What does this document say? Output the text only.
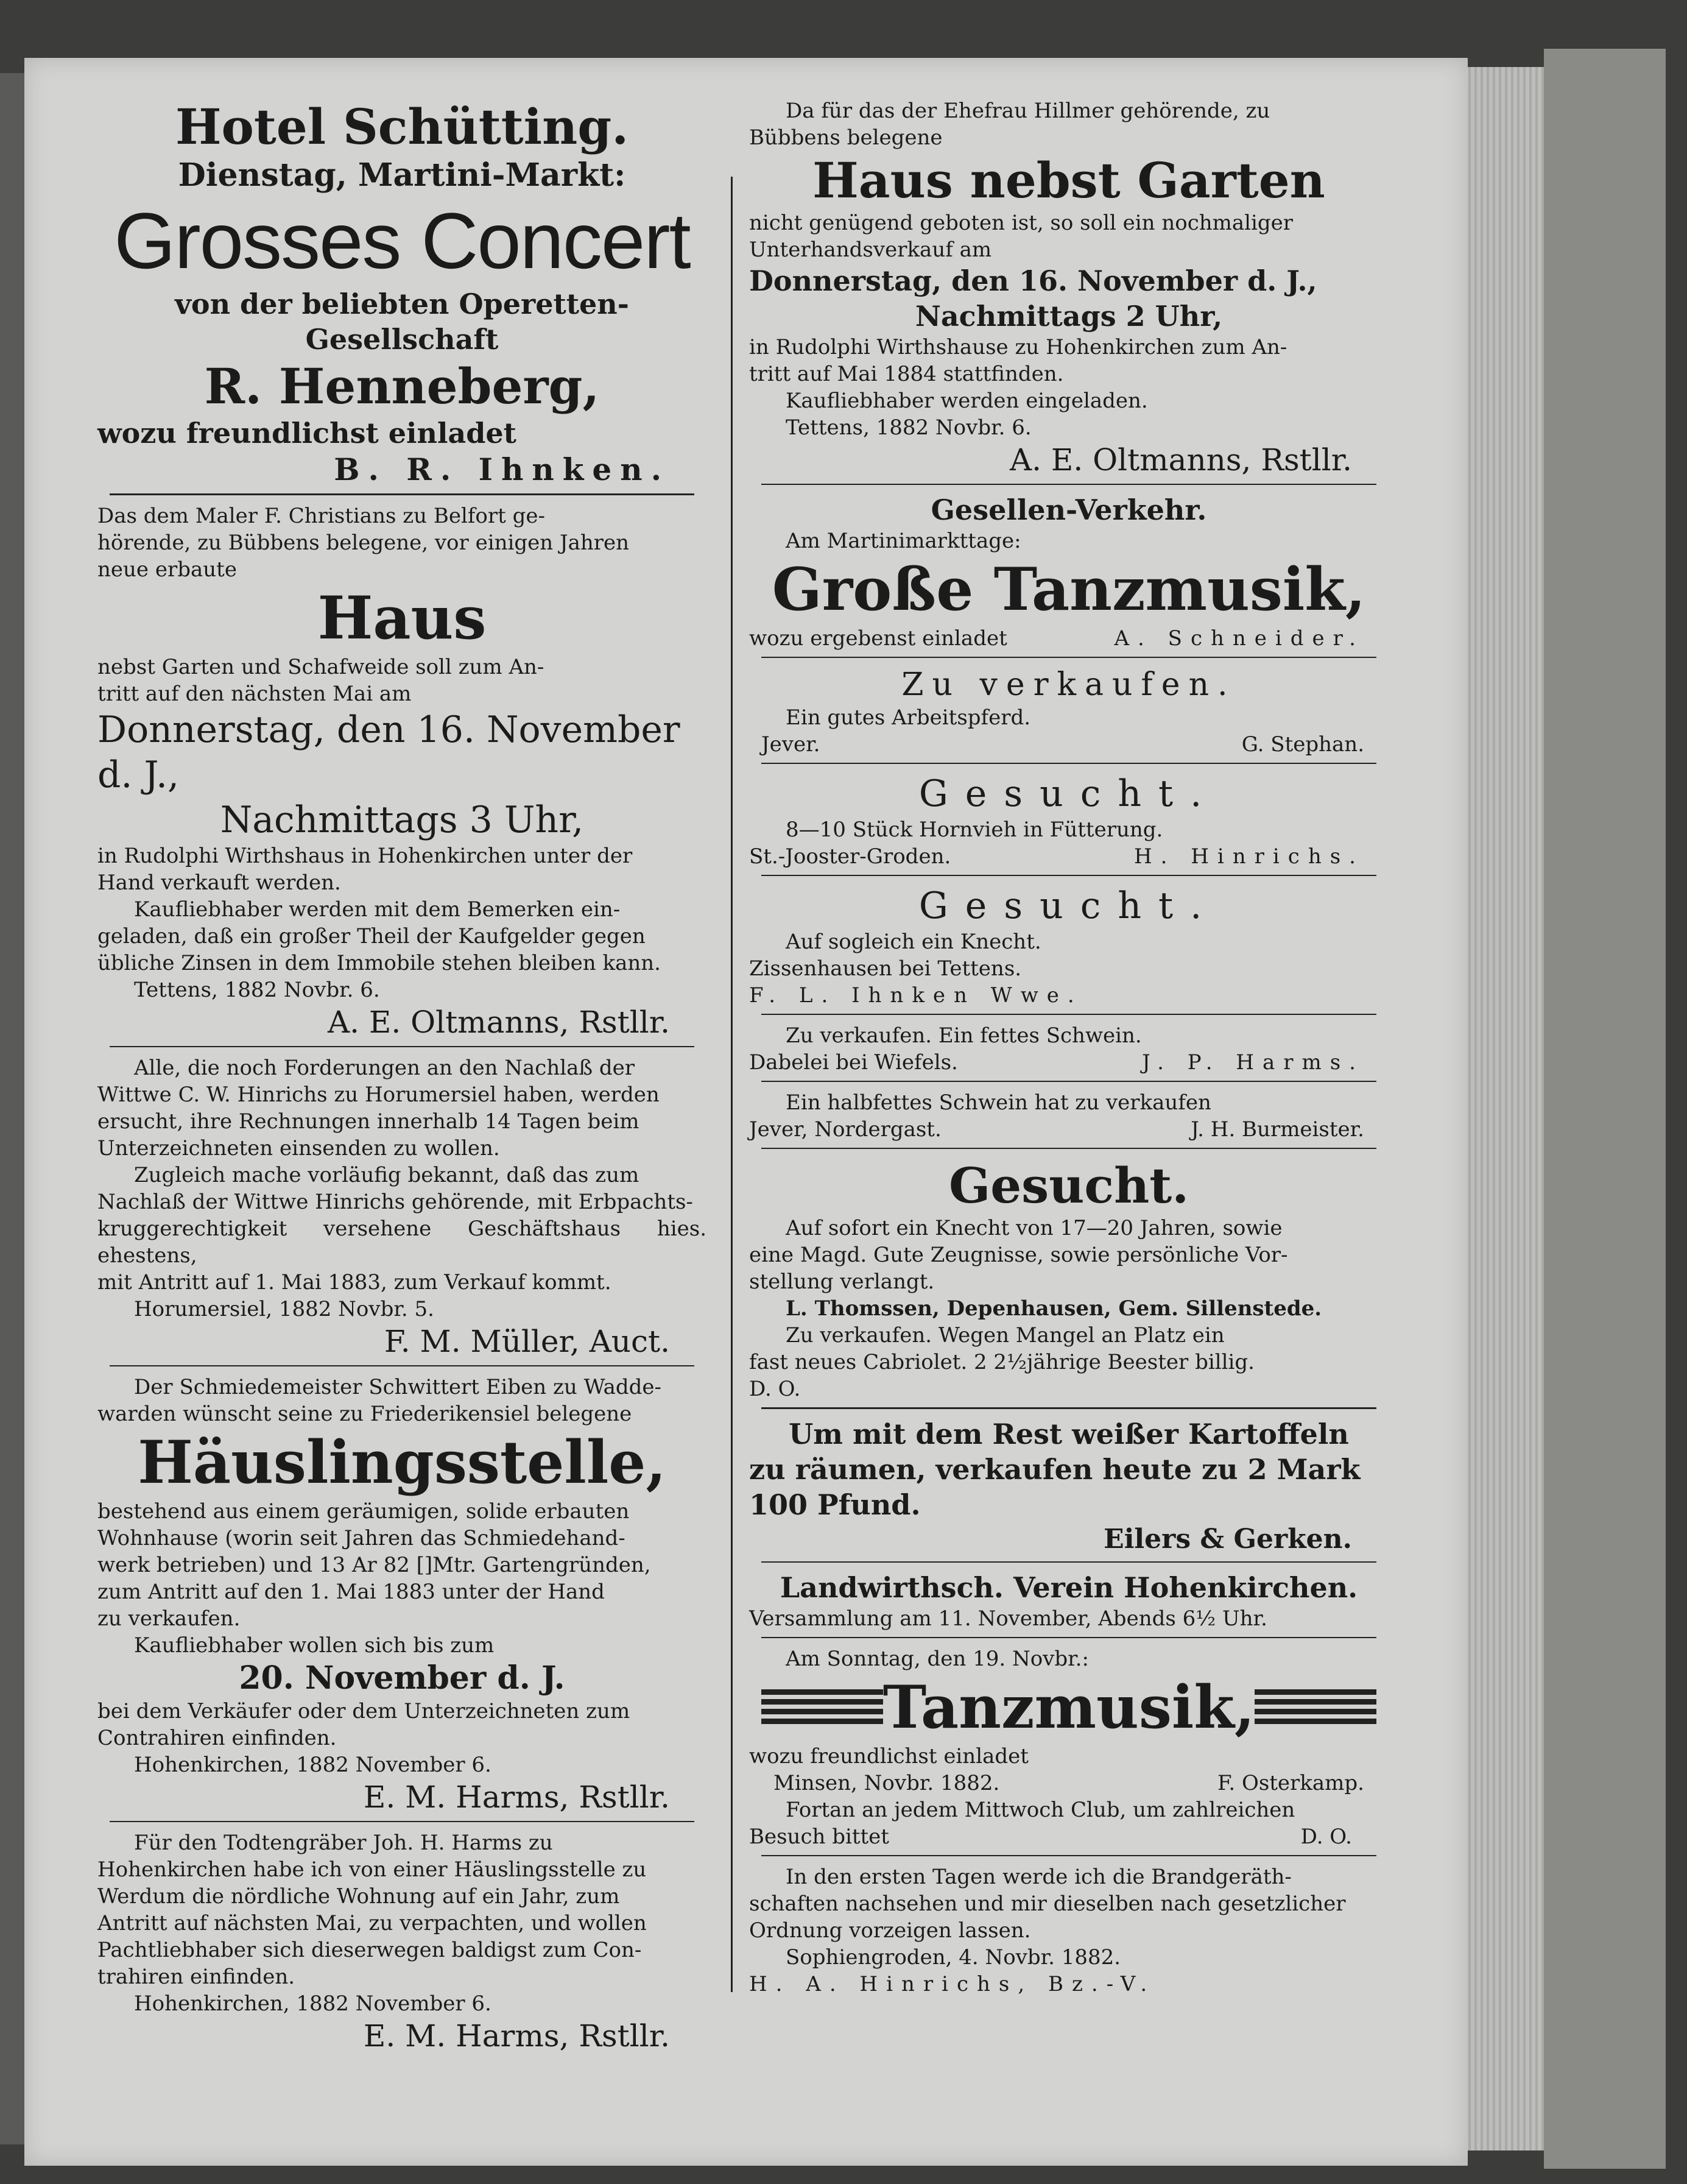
Hotel Schütting.
Dienstag, Martini-Markt:
Grosses Concert
von der beliebten Operetten-Gesellschaft
R. Henneberg,
wozu freundlichst einladet
B. R. Ihnken.
Das dem Maler F. Christians zu Belfort ge-
hörende, zu Bübbens belegene, vor einigen Jahren
neue erbaute
Haus
nebst Garten und Schafweide soll zum An-
tritt auf den nächsten Mai am
Donnerstag, den 16. November d. J.,
Nachmittags 3 Uhr,
in Rudolphi Wirthshaus in Hohenkirchen unter der
Hand verkauft werden.
Kaufliebhaber werden mit dem Bemerken ein-
geladen, daß ein großer Theil der Kaufgelder gegen
übliche Zinsen in dem Immobile stehen bleiben kann.
Tettens, 1882 Novbr. 6.
A. E. Oltmanns, Rstllr.
Alle, die noch Forderungen an den Nachlaß der
Wittwe C. W. Hinrichs zu Horumersiel haben, werden
ersucht, ihre Rechnungen innerhalb 14 Tagen beim
Unterzeichneten einsenden zu wollen.
Zugleich mache vorläufig bekannt, daß das zum
Nachlaß der Wittwe Hinrichs gehörende, mit Erbpachts-
kruggerechtigkeit versehene Geschäftshaus hies. ehestens,
mit Antritt auf 1. Mai 1883, zum Verkauf kommt.
Horumersiel, 1882 Novbr. 5.
F. M. Müller, Auct.
Der Schmiedemeister Schwittert Eiben zu Wadde-
warden wünscht seine zu Friederikensiel belegene
Häuslingsstelle,
bestehend aus einem geräumigen, solide erbauten
Wohnhause (worin seit Jahren das Schmiedehand-
werk betrieben) und 13 Ar 82 []Mtr. Gartengründen,
zum Antritt auf den 1. Mai 1883 unter der Hand
zu verkaufen.
Kaufliebhaber wollen sich bis zum
20. November d. J.
bei dem Verkäufer oder dem Unterzeichneten zum
Contrahiren einfinden.
Hohenkirchen, 1882 November 6.
E. M. Harms, Rstllr.
Für den Todtengräber Joh. H. Harms zu
Hohenkirchen habe ich von einer Häuslingsstelle zu
Werdum die nördliche Wohnung auf ein Jahr, zum
Antritt auf nächsten Mai, zu verpachten, und wollen
Pachtliebhaber sich dieserwegen baldigst zum Con-
trahiren einfinden.
Hohenkirchen, 1882 November 6.
E. M. Harms, Rstllr.
Da für das der Ehefrau Hillmer gehörende, zu
Bübbens belegene
Haus nebst Garten
nicht genügend geboten ist, so soll ein nochmaliger
Unterhandsverkauf am
Donnerstag, den 16. November d. J.,
Nachmittags 2 Uhr,
in Rudolphi Wirthshause zu Hohenkirchen zum An-
tritt auf Mai 1884 stattfinden.
Kaufliebhaber werden eingeladen.
Tettens, 1882 Novbr. 6.
A. E. Oltmanns, Rstllr.
Gesellen-Verkehr.
Am Martinimarkttage:
Große Tanzmusik,
wozu ergebenst einladet	A. Schneider.
Zu verkaufen.
Ein gutes Arbeitspferd.
Jever.	G. Stephan.
Gesucht.
8—10 Stück Hornvieh in Fütterung.
St.-Jooster-Groden.	H. Hinrichs.
Gesucht.
Auf sogleich ein Knecht.
Zissenhausen bei Tettens.
F. L. Ihnken Wwe.
Zu verkaufen. Ein fettes Schwein.
Dabelei bei Wiefels.	J. P. Harms.
Ein halbfettes Schwein hat zu verkaufen
Jever, Nordergast.	J. H. Burmeister.
Gesucht.
Auf sofort ein Knecht von 17—20 Jahren, sowie
eine Magd. Gute Zeugnisse, sowie persönliche Vor-
stellung verlangt.
L. Thomssen, Depenhausen, Gem. Sillenstede.
Zu verkaufen. Wegen Mangel an Platz ein
fast neues Cabriolet. 2 2½jährige Beester billig.
D. O.
Um mit dem Rest weißer Kartoffeln
zu räumen, verkaufen heute zu 2 Mark
100 Pfund.
Eilers & Gerken.
Landwirthsch. Verein Hohenkirchen.
Versammlung am 11. November, Abends 6½ Uhr.
Am Sonntag, den 19. Novbr.:
Tanzmusik,
wozu freundlichst einladet
Minsen, Novbr. 1882.	F. Osterkamp.
Fortan an jedem Mittwoch Club, um zahlreichen
Besuch bittet	D. O.
In den ersten Tagen werde ich die Brandgeräth-
schaften nachsehen und mir dieselben nach gesetzlicher
Ordnung vorzeigen lassen.
Sophiengroden, 4. Novbr. 1882.
H. A. Hinrichs, Bz.-V.
